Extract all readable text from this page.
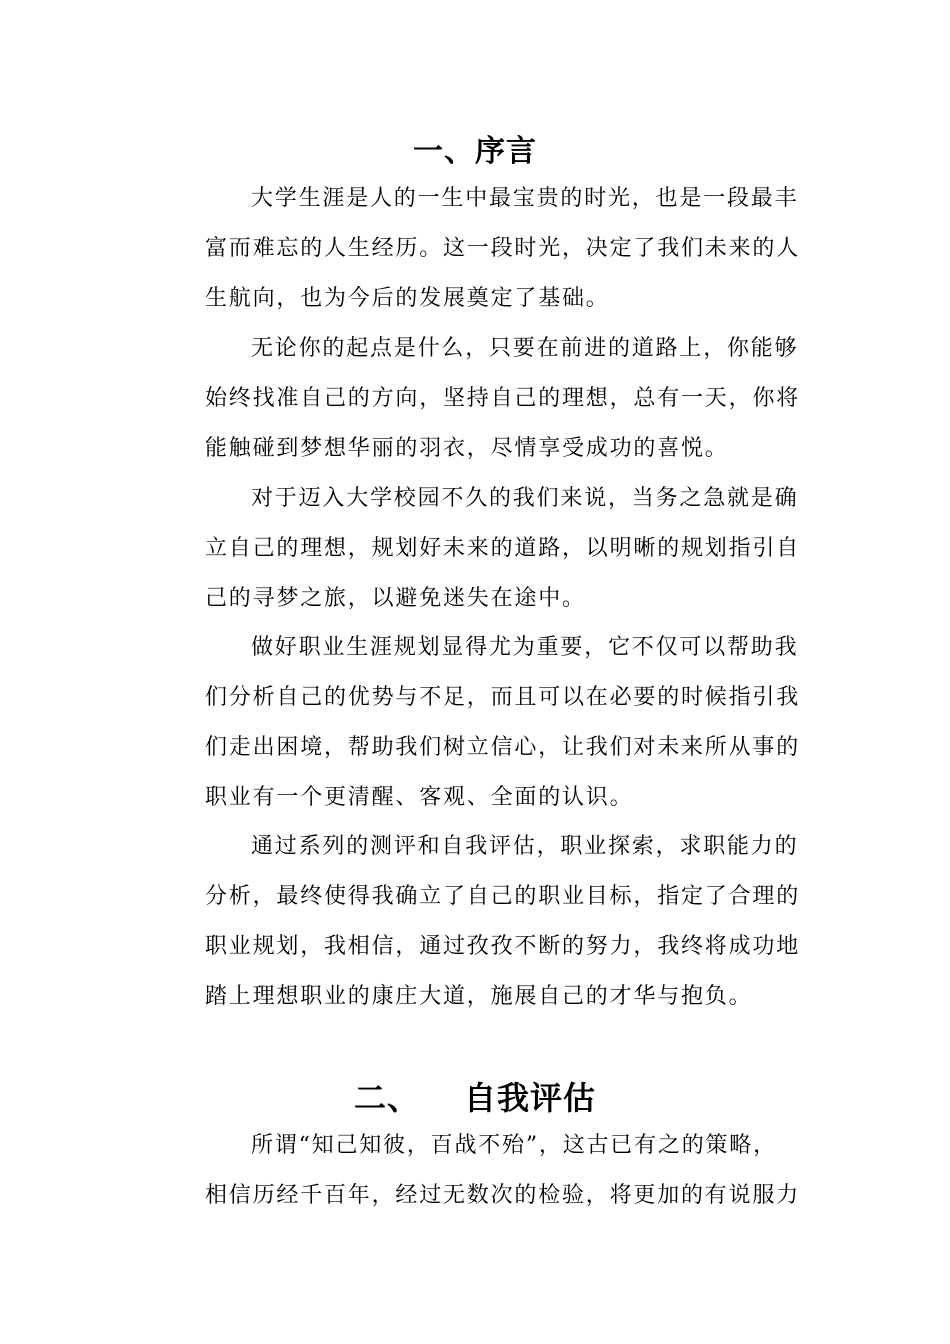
一、序言

大学生涯是人的一生中最宝贵的时光，也是一段最丰
富而难忘的人生经历。这一段时光，决定了我们未来的人
生航向，也为今后的发展奠定了基础。

无论你的起点是什么，只要在前进的道路上，你能够
始终找准自己的方向，坚持自己的理想，总有一天，你将
能触碰到梦想华丽的羽衣，尽情享受成功的喜悦。

对于迈入大学校园不久的我们来说，当务之急就是确
立自己的理想，规划好未来的道路，以明晰的规划指引自
己的寻梦之旅，以避免迷失在途中。

做好职业生涯规划显得尤为重要，它不仅可以帮助我
们分析自己的优势与不足，而且可以在必要的时候指引我
们走出困境，帮助我们树立信心，让我们对未来所从事的
职业有一个更清醒、客观、全面的认识。

通过系列的测评和自我评估，职业探索，求职能力的
分析，最终使得我确立了自己的职业目标，指定了合理的
职业规划，我相信，通过孜孜不断的努力，我终将成功地
踏上理想职业的康庄大道，施展自己的才华与抱负。

二、 自我评估

所谓“知己知彼，百战不殆”，这古已有之的策略，
相信历经千百年，经过无数次的检验，将更加的有说服力
